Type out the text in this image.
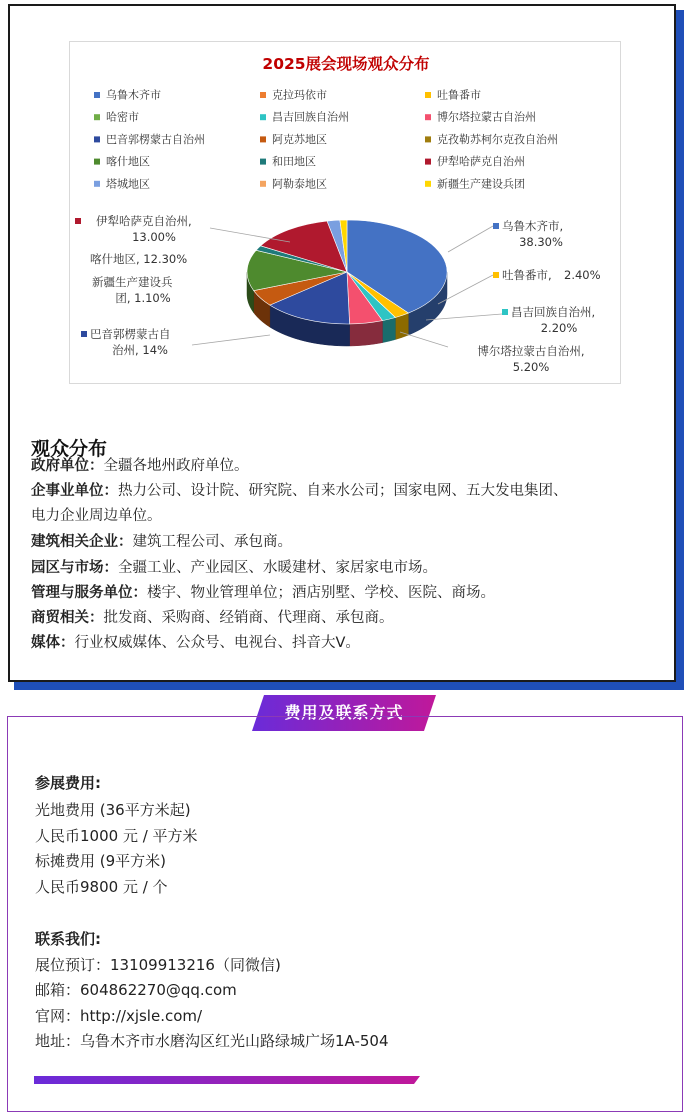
2025展会现场观众分布
乌鲁木齐市	克拉玛依市	吐鲁番市
哈密市	昌吉回族自治州	博尔塔拉蒙古自治州
巴音郭楞蒙古自治州	阿克苏地区	克孜勒苏柯尔克孜自治州
喀什地区	和田地区	伊犁哈萨克自治州
塔城地区	阿勒泰地区	新疆生产建设兵团
乌鲁木齐市,
38.30%
吐鲁番市, 2.40%
昌吉回族自治州,
2.20%
博尔塔拉蒙古自治州,
5.20%
巴音郭楞蒙古自
治州, 14%
喀什地区, 12.30%
伊犁哈萨克自治州,
13.00%
新疆生产建设兵
团, 1.10%
观众分布
政府单位：全疆各地州政府单位。
企事业单位：热力公司、设计院、研究院、自来水公司；国家电网、五大发电集团、
电力企业周边单位。
建筑相关企业：建筑工程公司、承包商。
园区与市场：全疆工业、产业园区、水暖建材、家居家电市场。
管理与服务单位：楼宇、物业管理单位；酒店别墅、学校、医院、商场。
商贸相关：批发商、采购商、经销商、代理商、承包商。
媒体：行业权威媒体、公众号、电视台、抖音大V。
费用及联系方式
参展费用:
光地费用 (36平方米起)
人民币1000 元 / 平方米
标摊费用 (9平方米)
人民币9800 元 / 个
联系我们:
展位预订：13109913216（同微信)
邮箱：604862270@qq.com
官网：http://xjsle.com/
地址：乌鲁木齐市水磨沟区红光山路绿城广场1A-504
